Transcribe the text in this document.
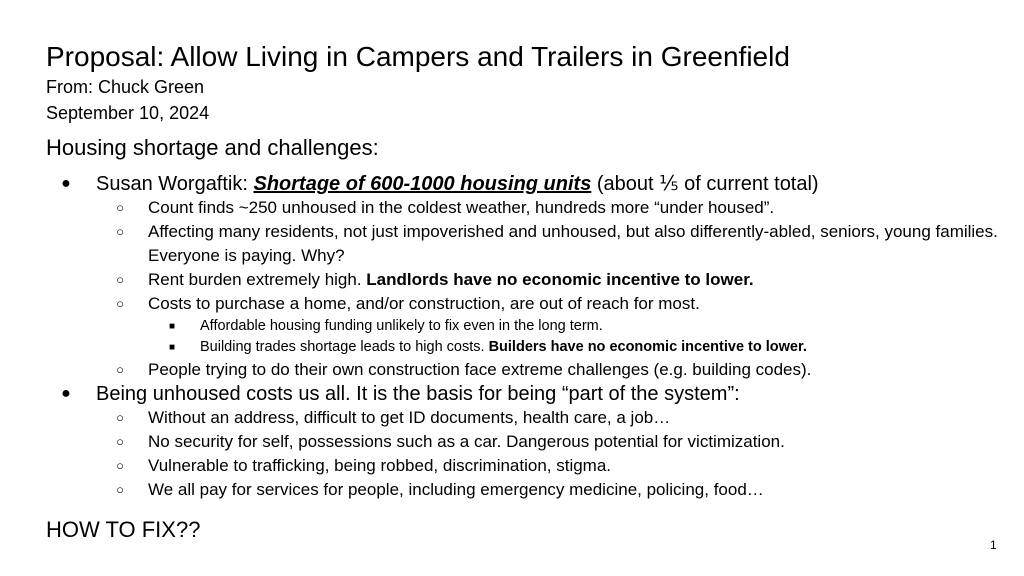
Proposal: Allow Living in Campers and Trailers in Greenfield
From: Chuck Green
September 10, 2024
Housing shortage and challenges:
● Susan Worgaftik: Shortage of 600-1000 housing units (about ⅕ of current total)
○	Count finds ~250 unhoused in the coldest weather, hundreds more “under housed”.
○	Affecting many residents, not just impoverished and unhoused, but also differently-abled, seniors, young families. Everyone is paying. Why?
○	Rent burden extremely high. Landlords have no economic incentive to lower.
○	Costs to purchase a home, and/or construction, are out of reach for most.
■	Affordable housing funding unlikely to fix even in the long term.
■	Building trades shortage leads to high costs. Builders have no economic incentive to lower.
○	People trying to do their own construction face extreme challenges (e.g. building codes).
● Being unhoused costs us all. It is the basis for being “part of the system”:
○	Without an address, difficult to get ID documents, health care, a job…
○	No security for self, possessions such as a car. Dangerous potential for victimization.
○	Vulnerable to trafficking, being robbed, discrimination, stigma.
○	We all pay for services for people, including emergency medicine, policing, food…
HOW TO FIX??
1
